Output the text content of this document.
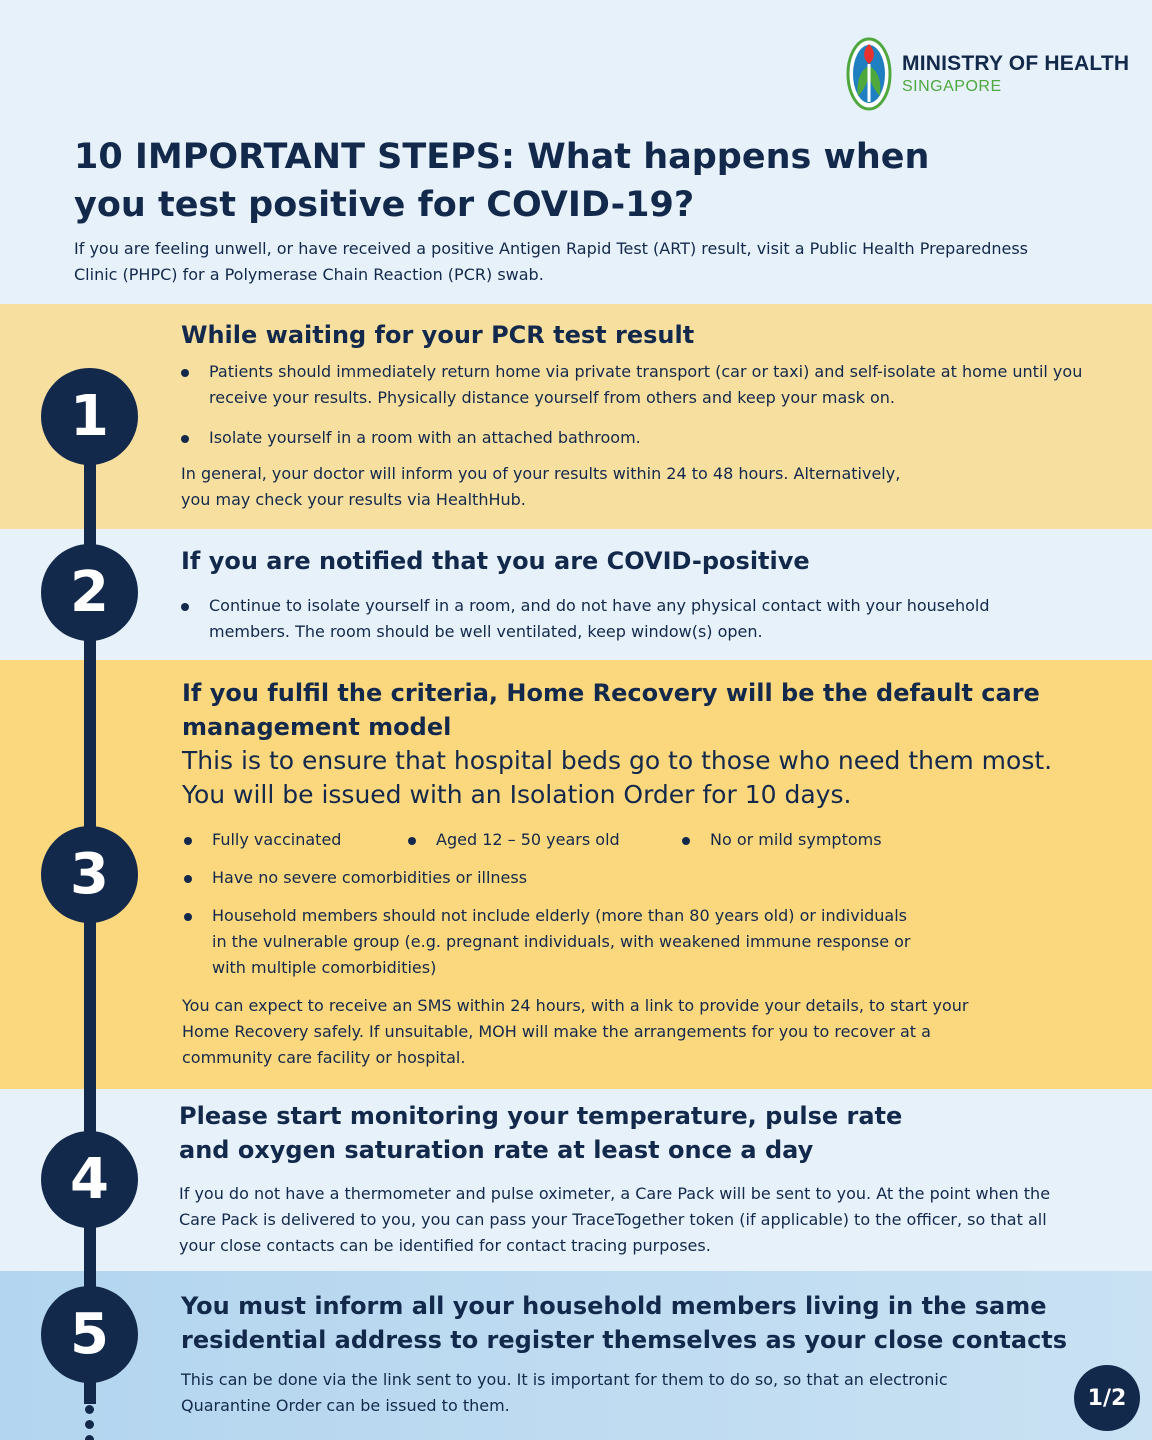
MINISTRY OF HEALTH
SINGAPORE
10 IMPORTANT STEPS: What happens when you test positive for COVID-19?
If you are feeling unwell, or have received a positive Antigen Rapid Test (ART) result, visit a Public Health Preparedness Clinic (PHPC) for a Polymerase Chain Reaction (PCR) swab.
While waiting for your PCR test result
Patients should immediately return home via private transport (car or taxi) and self-isolate at home until you receive your results. Physically distance yourself from others and keep your mask on.
Isolate yourself in a room with an attached bathroom.
In general, your doctor will inform you of your results within 24 to 48 hours. Alternatively, you may check your results via HealthHub.
If you are notified that you are COVID-positive
Continue to isolate yourself in a room, and do not have any physical contact with your household members. The room should be well ventilated, keep window(s) open.
If you fulfil the criteria, Home Recovery will be the default care management model
This is to ensure that hospital beds go to those who need them most. You will be issued with an Isolation Order for 10 days.
Fully vaccinated	Aged 12 – 50 years old	No or mild symptoms
Have no severe comorbidities or illness
Household members should not include elderly (more than 80 years old) or individuals in the vulnerable group (e.g. pregnant individuals, with weakened immune response or with multiple comorbidities)
You can expect to receive an SMS within 24 hours, with a link to provide your details, to start your Home Recovery safely. If unsuitable, MOH will make the arrangements for you to recover at a community care facility or hospital.
Please start monitoring your temperature, pulse rate and oxygen saturation rate at least once a day
If you do not have a thermometer and pulse oximeter, a Care Pack will be sent to you. At the point when the Care Pack is delivered to you, you can pass your TraceTogether token (if applicable) to the officer, so that all your close contacts can be identified for contact tracing purposes.
You must inform all your household members living in the same residential address to register themselves as your close contacts
This can be done via the link sent to you. It is important for them to do so, so that an electronic Quarantine Order can be issued to them.
1
2
3
4
5
1/2
